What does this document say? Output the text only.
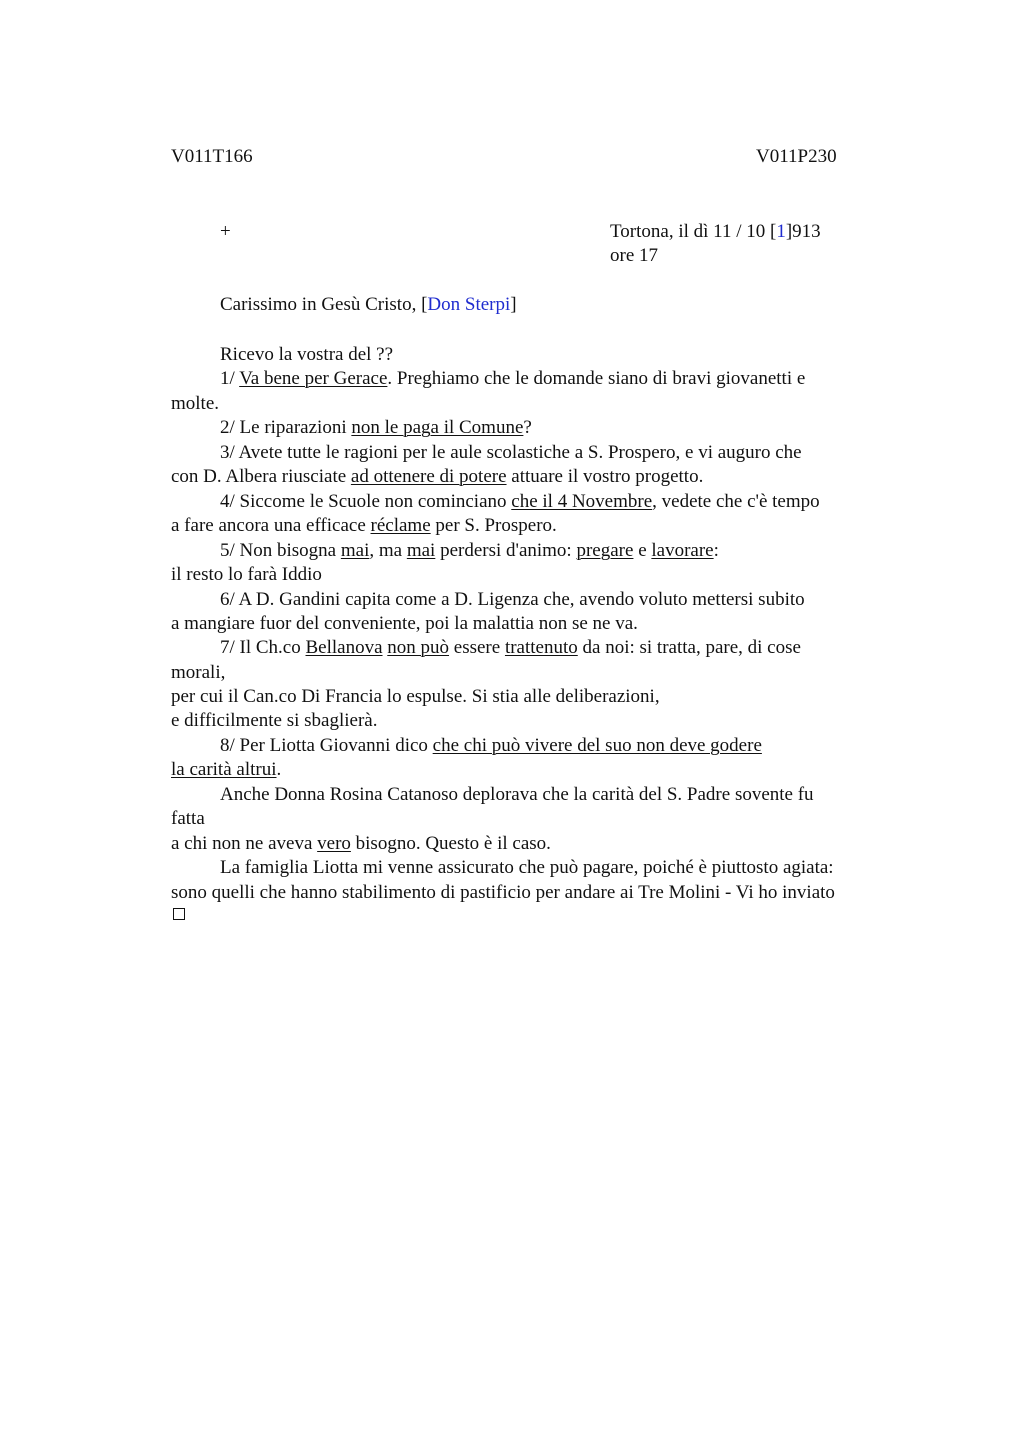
V011T166	V011P230
+	Tortona, il dì 11 / 10 [1]913
ore 17
Carissimo in Gesù Cristo, [Don Sterpi]
Ricevo la vostra del ??
1/ Va bene per Gerace. Preghiamo che le domande siano di bravi giovanetti e
molte.
2/ Le riparazioni non le paga il Comune?
3/ Avete tutte le ragioni per le aule scolastiche a S. Prospero, e vi auguro che
con D. Albera riusciate ad ottenere di potere attuare il vostro progetto.
4/ Siccome le Scuole non cominciano che il 4 Novembre, vedete che c'è tempo
a fare ancora una efficace réclame per S. Prospero.
5/ Non bisogna mai, ma mai perdersi d'animo: pregare e lavorare:
il resto lo farà Iddio
6/ A D. Gandini capita come a D. Ligenza che, avendo voluto mettersi subito
a mangiare fuor del conveniente, poi la malattia non se ne va.
7/ Il Ch.co Bellanova non può essere trattenuto da noi: si tratta, pare, di cose
morali,
per cui il Can.co Di Francia lo espulse. Si stia alle deliberazioni,
e difficilmente si sbaglierà.
8/ Per Liotta Giovanni dico che chi può vivere del suo non deve godere
la carità altrui.
Anche Donna Rosina Catanoso deplorava che la carità del S. Padre sovente fu
fatta
a chi non ne aveva vero bisogno. Questo è il caso.
La famiglia Liotta mi venne assicurato che può pagare, poiché è piuttosto agiata:
sono quelli che hanno stabilimento di pastificio per andare ai Tre Molini - Vi ho inviato
